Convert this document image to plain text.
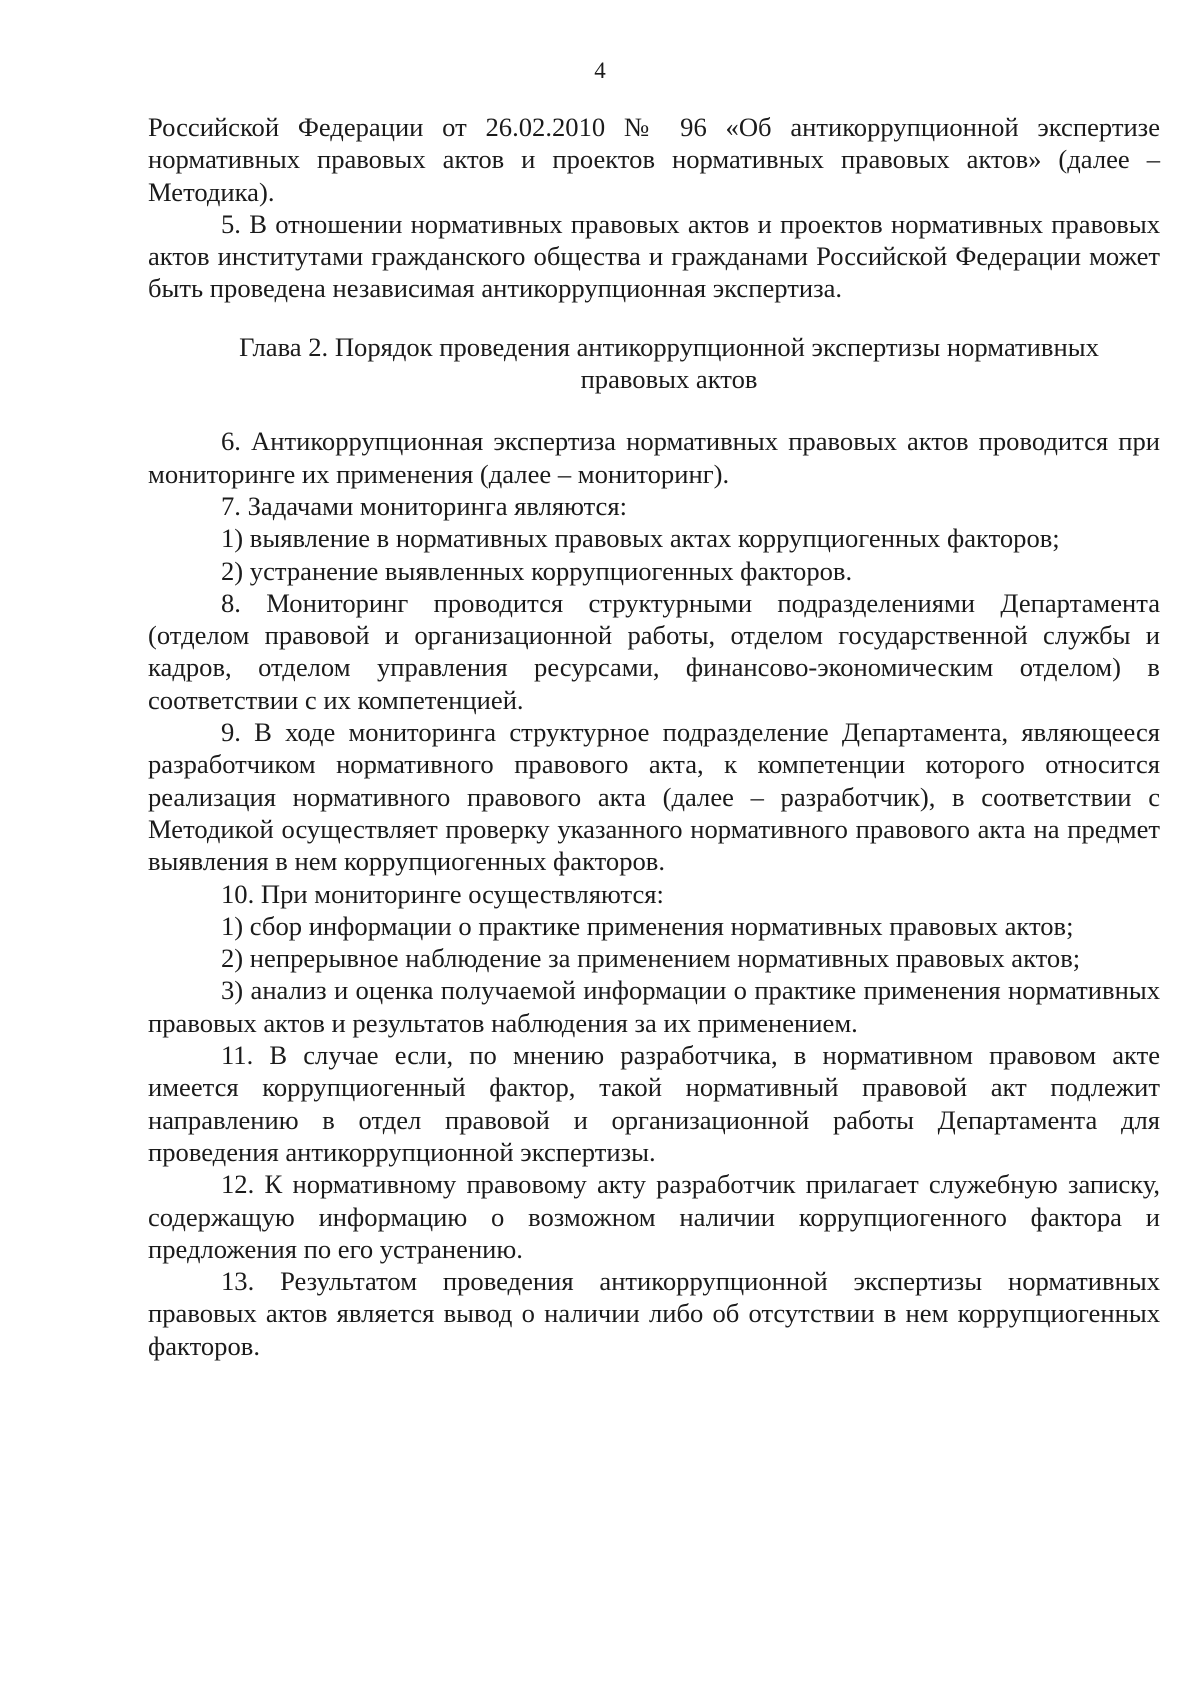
4

Российской Федерации от 26.02.2010 № 96 «Об антикоррупционной экспертизе нормативных правовых актов и проектов нормативных правовых актов» (далее – Методика).

5. В отношении нормативных правовых актов и проектов нормативных правовых актов институтами гражданского общества и гражданами Российской Федерации может быть проведена независимая антикоррупционная экспертиза.

Глава 2. Порядок проведения антикоррупционной экспертизы нормативных
правовых актов

6. Антикоррупционная экспертиза нормативных правовых актов проводится при мониторинге их применения (далее – мониторинг).

7. Задачами мониторинга являются:

1) выявление в нормативных правовых актах коррупциогенных факторов;

2) устранение выявленных коррупциогенных факторов.

8. Мониторинг проводится структурными подразделениями Департамента (отделом правовой и организационной работы, отделом государственной службы и кадров, отделом управления ресурсами, финансово-экономическим отделом) в соответствии с их компетенцией.

9. В ходе мониторинга структурное подразделение Департамента, являющееся разработчиком нормативного правового акта, к компетенции которого относится реализация нормативного правового акта (далее – разработчик), в соответствии с Методикой осуществляет проверку указанного нормативного правового акта на предмет выявления в нем коррупциогенных факторов.

10. При мониторинге осуществляются:

1) сбор информации о практике применения нормативных правовых актов;

2) непрерывное наблюдение за применением нормативных правовых актов;

3) анализ и оценка получаемой информации о практике применения нормативных правовых актов и результатов наблюдения за их применением.

11. В случае если, по мнению разработчика, в нормативном правовом акте имеется коррупциогенный фактор, такой нормативный правовой акт подлежит направлению в отдел правовой и организационной работы Департамента для проведения антикоррупционной экспертизы.

12. К нормативному правовому акту разработчик прилагает служебную записку, содержащую информацию о возможном наличии коррупциогенного фактора и предложения по его устранению.

13. Результатом проведения антикоррупционной экспертизы нормативных правовых актов является вывод о наличии либо об отсутствии в нем коррупциогенных факторов.
